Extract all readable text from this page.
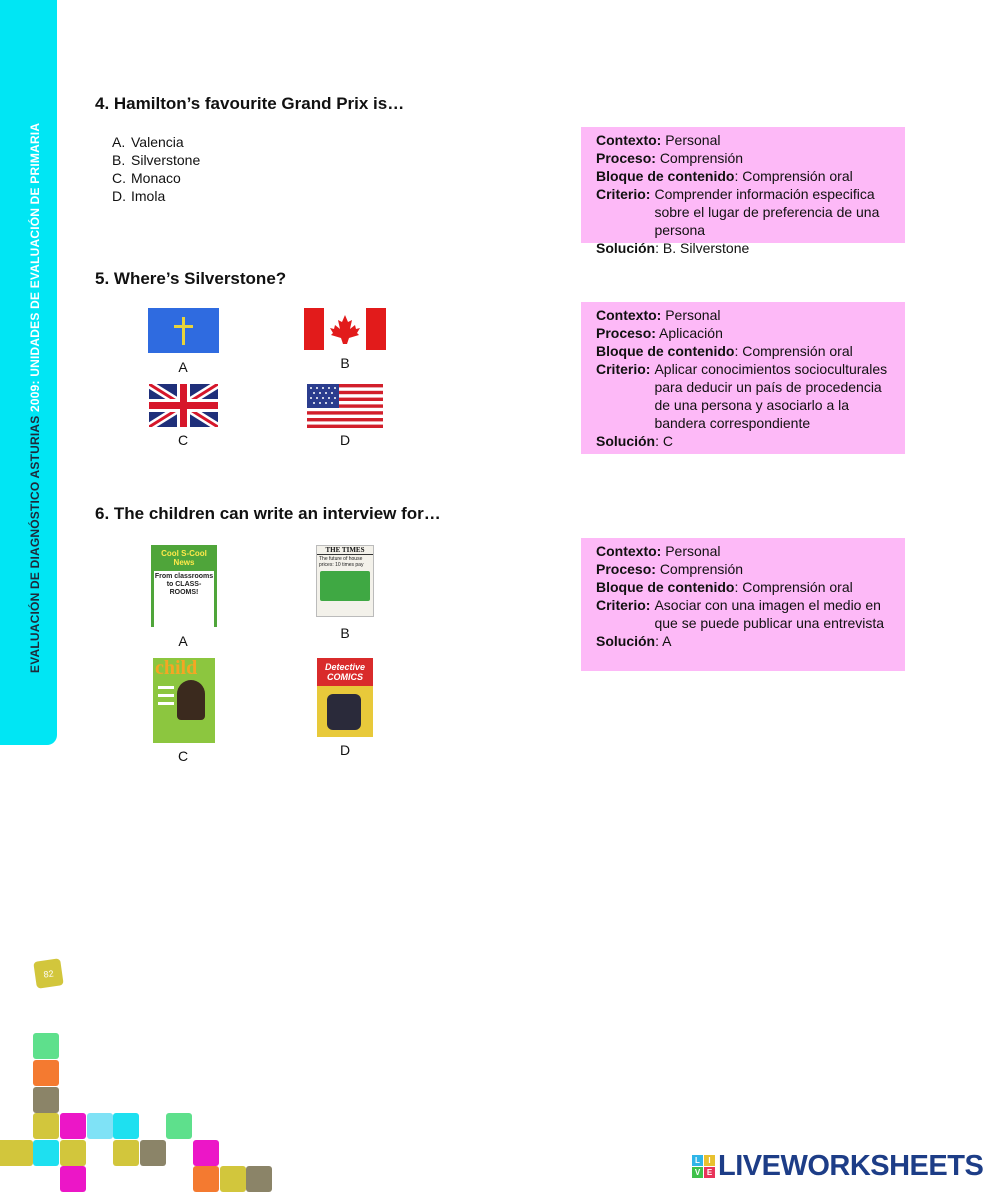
EVALUACIÓN DE DIAGNÓSTICO ASTURIAS 2009: UNIDADES DE EVALUACIÓN DE PRIMARIA
4. Hamilton’s favourite Grand Prix is…
A. Valencia
B. Silverstone
C. Monaco
D. Imola
Contexto: Personal
Proceso: Comprensión
Bloque de contenido: Comprensión oral
Criterio: Comprender información especifica sobre el lugar de preferencia de una persona
Solución: B. Silverstone
5. Where’s Silverstone?
A	B
C	D
Contexto: Personal
Proceso: Aplicación
Bloque de contenido: Comprensión oral
Criterio: Aplicar conocimientos socioculturales para deducir un país de procedencia de una persona y asociarlo a la bandera correspondiente
Solución: C
6. The children can write an interview for…
Cool S-Cool News
From classrooms to CLASS-ROOMS!
A
THE TIMES
The future of house prices: 10 times pay
B
child
C
Detective COMICS
D
Contexto: Personal
Proceso: Comprensión
Bloque de contenido: Comprensión oral
Criterio: Asociar con una imagen el medio en que se puede publicar una entrevista
Solución: A
82
L	I
V E LIVEWORKSHEETS
